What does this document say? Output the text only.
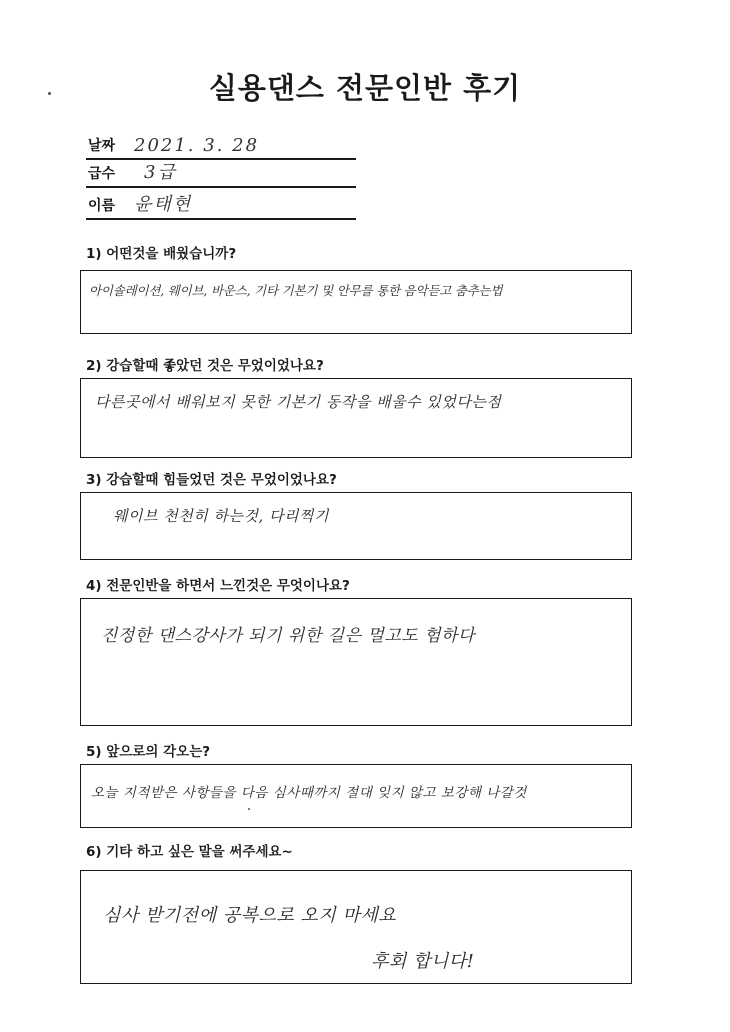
실용댄스 전문인반 후기
날짜 2021. 3. 28
급수 3급
이름 윤태현
1) 어떤것을 배웠습니까?
아이솔레이션, 웨이브, 바운스, 기타 기본기 및 안무를 통한 음악듣고 춤추는법
2) 강습할때 좋았던 것은 무었이었나요?
다른곳에서 배워보지 못한 기본기 동작을 배울수 있었다는점
3) 강습할때 힘들었던 것은 무었이었나요?
웨이브 천천히 하는것, 다리찍기
4) 전문인반을 하면서 느낀것은 무엇이나요?
진정한 댄스강사가 되기 위한 길은 멀고도 험하다
5) 앞으로의 각오는?
오늘 지적받은 사항들을 다음 심사때까지 절대 잊지 않고 보강해 나갈것
6) 기타 하고 싶은 말을 써주세요~
심사 받기전에 공복으로 오지 마세요
후회 합니다!
